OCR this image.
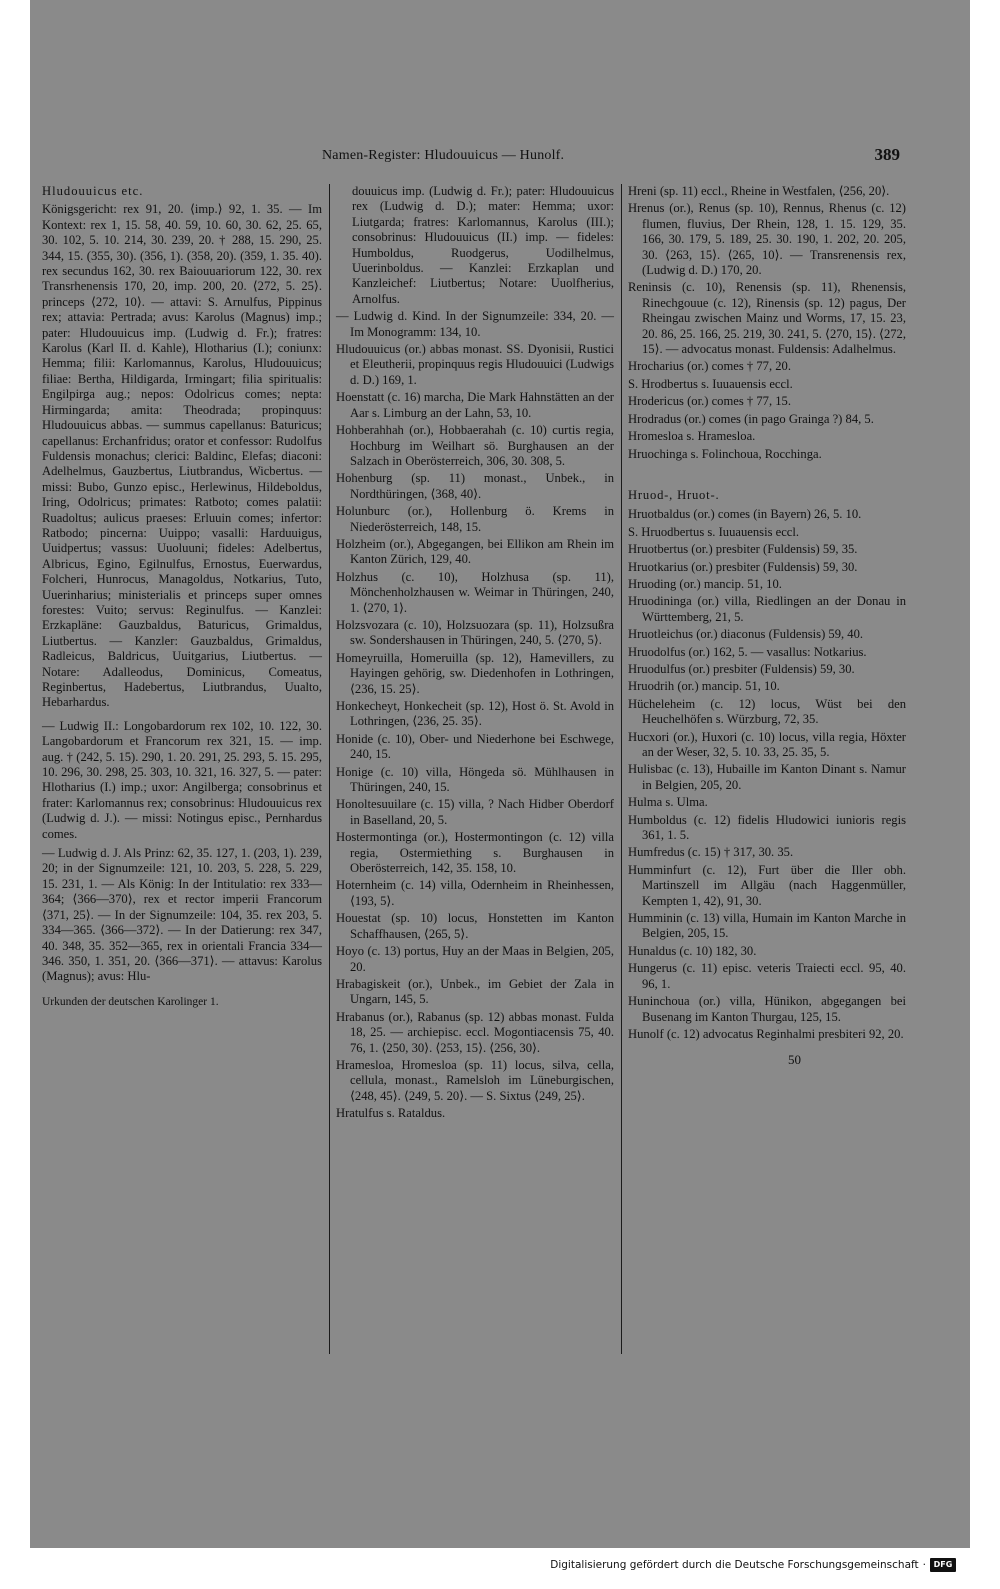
Namen-Register: Hludouuicus — Hunolf.	389
Hludouuicus etc.
Königsgericht: rex 91, 20. ⟨imp.⟩ 92, 1. 35. — Im Kontext: rex 1, 15. 58, 40. 59, 10. 60, 30. 62, 25. 65, 30. 102, 5. 10. 214, 30. 239, 20. † 288, 15. 290, 25. 344, 15. (355, 30). (356, 1). (358, 20). (359, 1. 35. 40). rex secundus 162, 30. rex Baiouuariorum 122, 30. rex Transrhenensis 170, 20, imp. 200, 20. ⟨272, 5. 25⟩. princeps ⟨272, 10⟩. — attavi: S. Arnulfus, Pippinus rex; attavia: Pertrada; avus: Karolus (Magnus) imp.; pater: Hludouuicus imp. (Ludwig d. Fr.); fratres: Karolus (Karl II. d. Kahle), Hlotharius (I.); coniunx: Hemma; filii: Karlomannus, Karolus, Hludouuicus; filiae: Bertha, Hildigarda, Irmingart; filia spiritualis: Engilpirga aug.; nepos: Odolricus comes; nepta: Hirmingarda; amita: Theodrada; propinquus: Hludouuicus abbas. — summus capellanus: Baturicus; capellanus: Erchanfridus; orator et confessor: Rudolfus Fuldensis monachus; clerici: Baldinc, Elefas; diaconi: Adelhelmus, Gauzbertus, Liutbrandus, Wicbertus. — missi: Bubo, Gunzo episc., Herlewinus, Hildeboldus, Iring, Odolricus; primates: Ratboto; comes palatii: Ruadoltus; aulicus praeses: Erluuin comes; infertor: Ratbodo; pincerna: Uuippo; vasalli: Harduuigus, Uuidpertus; vassus: Uuoluuni; fideles: Adelbertus, Albricus, Egino, Egilnulfus, Ernostus, Euerwardus, Folcheri, Hunrocus, Managoldus, Notkarius, Tuto, Uuerinharius; ministerialis et princeps super omnes forestes: Vuito; servus: Reginulfus. — Kanzlei: Erzkapläne: Gauzbaldus, Baturicus, Grimaldus, Liutbertus. — Kanzler: Gauzbaldus, Grimaldus, Radleicus, Baldricus, Uuitgarius, Liutbertus. — Notare: Adalleodus, Dominicus, Comeatus, Reginbertus, Hadebertus, Liutbrandus, Uualto, Hebarhardus.
— Ludwig II.: Longobardorum rex 102, 10. 122, 30. Langobardorum et Francorum rex 321, 15. — imp. aug. † (242, 5. 15). 290, 1. 20. 291, 25. 293, 5. 15. 295, 10. 296, 30. 298, 25. 303, 10. 321, 16. 327, 5. — pater: Hlotharius (I.) imp.; uxor: Angilberga; consobrinus et frater: Karlomannus rex; consobrinus: Hludouuicus rex (Ludwig d. J.). — missi: Notingus episc., Pernhardus comes.
— Ludwig d. J. Als Prinz: 62, 35. 127, 1. (203, 1). 239, 20; in der Signumzeile: 121, 10. 203, 5. 228, 5. 229, 15. 231, 1. — Als König: In der Intitulatio: rex 333—364; ⟨366—370⟩, rex et rector imperii Francorum ⟨371, 25⟩. — In der Signumzeile: 104, 35. rex 203, 5. 334—365. ⟨366—372⟩. — In der Datierung: rex 347, 40. 348, 35. 352—365, rex in orientali Francia 334—346. 350, 1. 351, 20. ⟨366—371⟩. — attavus: Karolus (Magnus); avus: Hlu-
Urkunden der deutschen Karolinger 1.
douuicus imp. (Ludwig d. Fr.); pater: Hludouuicus rex (Ludwig d. D.); mater: Hemma; uxor: Liutgarda; fratres: Karlomannus, Karolus (III.); consobrinus: Hludouuicus (II.) imp. — fideles: Humboldus, Ruodgerus, Uodilhelmus, Uuerinboldus. — Kanzlei: Erzkaplan und Kanzleichef: Liutbertus; Notare: Uuolfherius, Arnolfus.
— Ludwig d. Kind. In der Signumzeile: 334, 20. — Im Monogramm: 134, 10.
Hludouuicus (or.) abbas monast. SS. Dyonisii, Rustici et Eleutherii, propinquus regis Hludouuici (Ludwigs d. D.) 169, 1.
Hoenstatt (c. 16) marcha, Die Mark Hahnstätten an der Aar s. Limburg an der Lahn, 53, 10.
Hohberahhah (or.), Hobbaerahah (c. 10) curtis regia, Hochburg im Weilhart sö. Burghausen an der Salzach in Oberösterreich, 306, 30. 308, 5.
Hohenburg (sp. 11) monast., Unbek., in Nordthüringen, ⟨368, 40⟩.
Holunburc (or.), Hollenburg ö. Krems in Niederösterreich, 148, 15.
Holzheim (or.), Abgegangen, bei Ellikon am Rhein im Kanton Zürich, 129, 40.
Holzhus (c. 10), Holzhusa (sp. 11), Mönchenholzhausen w. Weimar in Thüringen, 240, 1. ⟨270, 1⟩.
Holzsvozara (c. 10), Holzsuozara (sp. 11), Holzsußra sw. Sondershausen in Thüringen, 240, 5. ⟨270, 5⟩.
Homeyruilla, Homeruilla (sp. 12), Hamevillers, zu Hayingen gehörig, sw. Diedenhofen in Lothringen, ⟨236, 15. 25⟩.
Honkecheyt, Honkecheit (sp. 12), Host ö. St. Avold in Lothringen, ⟨236, 25. 35⟩.
Honide (c. 10), Ober- und Niederhone bei Eschwege, 240, 15.
Honige (c. 10) villa, Höngeda sö. Mühlhausen in Thüringen, 240, 15.
Honoltesuuilare (c. 15) villa, ? Nach Hidber Oberdorf in Baselland, 20, 5.
Hostermontinga (or.), Hostermontingon (c. 12) villa regia, Ostermiething s. Burghausen in Oberösterreich, 142, 35. 158, 10.
Hoternheim (c. 14) villa, Odernheim in Rheinhessen, ⟨193, 5⟩.
Houestat (sp. 10) locus, Honstetten im Kanton Schaffhausen, ⟨265, 5⟩.
Hoyo (c. 13) portus, Huy an der Maas in Belgien, 205, 20.
Hrabagiskeit (or.), Unbek., im Gebiet der Zala in Ungarn, 145, 5.
Hrabanus (or.), Rabanus (sp. 12) abbas monast. Fulda 18, 25. — archiepisc. eccl. Mogontiacensis 75, 40. 76, 1. ⟨250, 30⟩. ⟨253, 15⟩. ⟨256, 30⟩.
Hramesloa, Hromesloa (sp. 11) locus, silva, cella, cellula, monast., Ramelsloh im Lüneburgischen, ⟨248, 45⟩. ⟨249, 5. 20⟩. — S. Sixtus ⟨249, 25⟩.
Hratulfus s. Rataldus.
Hreni (sp. 11) eccl., Rheine in Westfalen, ⟨256, 20⟩.
Hrenus (or.), Renus (sp. 10), Rennus, Rhenus (c. 12) flumen, fluvius, Der Rhein, 128, 1. 15. 129, 35. 166, 30. 179, 5. 189, 25. 30. 190, 1. 202, 20. 205, 30. ⟨263, 15⟩. ⟨265, 10⟩. — Transrenensis rex, (Ludwig d. D.) 170, 20.
Reninsis (c. 10), Renensis (sp. 11), Rhenensis, Rinechgouue (c. 12), Rinensis (sp. 12) pagus, Der Rheingau zwischen Mainz und Worms, 17, 15. 23, 20. 86, 25. 166, 25. 219, 30. 241, 5. ⟨270, 15⟩. ⟨272, 15⟩. — advocatus monast. Fuldensis: Adalhelmus.
Hrocharius (or.) comes † 77, 20.
S. Hrodbertus s. Iuuauensis eccl.
Hrodericus (or.) comes † 77, 15.
Hrodradus (or.) comes (in pago Grainga ?) 84, 5.
Hromesloa s. Hramesloa.
Hruochinga s. Folinchoua, Rocchinga.
Hruod-, Hruot-.
Hruotbaldus (or.) comes (in Bayern) 26, 5. 10.
S. Hruodbertus s. Iuuauensis eccl.
Hruotbertus (or.) presbiter (Fuldensis) 59, 35.
Hruotkarius (or.) presbiter (Fuldensis) 59, 30.
Hruoding (or.) mancip. 51, 10.
Hruodininga (or.) villa, Riedlingen an der Donau in Württemberg, 21, 5.
Hruotleichus (or.) diaconus (Fuldensis) 59, 40.
Hruodolfus (or.) 162, 5. — vasallus: Notkarius.
Hruodulfus (or.) presbiter (Fuldensis) 59, 30.
Hruodrih (or.) mancip. 51, 10.
Hücheleheim (c. 12) locus, Wüst bei den Heuchelhöfen s. Würzburg, 72, 35.
Hucxori (or.), Huxori (c. 10) locus, villa regia, Höxter an der Weser, 32, 5. 10. 33, 25. 35, 5.
Hulisbac (c. 13), Hubaille im Kanton Dinant s. Namur in Belgien, 205, 20.
Hulma s. Ulma.
Humboldus (c. 12) fidelis Hludowici iunioris regis 361, 1. 5.
Humfredus (c. 15) † 317, 30. 35.
Humminfurt (c. 12), Furt über die Iller obh. Martinszell im Allgäu (nach Haggenmüller, Kempten 1, 42), 91, 30.
Humminin (c. 13) villa, Humain im Kanton Marche in Belgien, 205, 15.
Hunaldus (c. 10) 182, 30.
Hungerus (c. 11) episc. veteris Traiecti eccl. 95, 40. 96, 1.
Huninchoua (or.) villa, Hünikon, abgegangen bei Busenang im Kanton Thurgau, 125, 15.
Hunolf (c. 12) advocatus Reginhalmi presbiteri 92, 20.
50
Digitalisierung gefördert durch die Deutsche Forschungsgemeinschaft · DFG
